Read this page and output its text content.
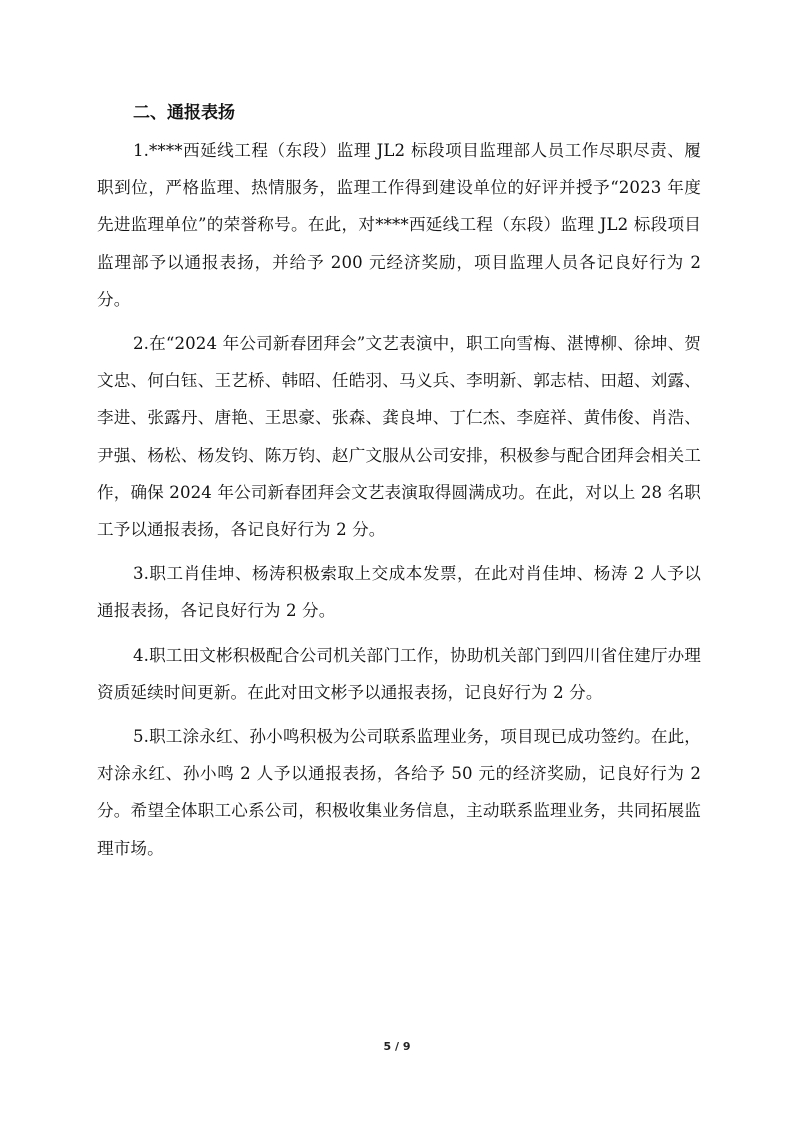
二、通报表扬

1.****西延线工程（东段）监理 JL2 标段项目监理部人员工作尽职尽责、履职到位，严格监理、热情服务，监理工作得到建设单位的好评并授予“2023 年度先进监理单位”的荣誉称号。在此，对****西延线工程（东段）监理 JL2 标段项目监理部予以通报表扬，并给予 200 元经济奖励，项目监理人员各记良好行为 2 分。

2.在“2024 年公司新春团拜会”文艺表演中，职工向雪梅、湛博柳、徐坤、贺文忠、何白钰、王艺桥、韩昭、任皓羽、马义兵、李明新、郭志桔、田超、刘露、李进、张露丹、唐艳、王思豪、张森、龚良坤、丁仁杰、李庭祥、黄伟俊、肖浩、尹强、杨松、杨发钧、陈万钧、赵广文服从公司安排，积极参与配合团拜会相关工作，确保 2024 年公司新春团拜会文艺表演取得圆满成功。在此，对以上 28 名职工予以通报表扬，各记良好行为 2 分。

3.职工肖佳坤、杨涛积极索取上交成本发票，在此对肖佳坤、杨涛 2 人予以通报表扬，各记良好行为 2 分。

4.职工田文彬积极配合公司机关部门工作，协助机关部门到四川省住建厅办理资质延续时间更新。在此对田文彬予以通报表扬，记良好行为 2 分。

5.职工涂永红、孙小鸣积极为公司联系监理业务，项目现已成功签约。在此，对涂永红、孙小鸣 2 人予以通报表扬，各给予 50 元的经济奖励，记良好行为 2 分。希望全体职工心系公司，积极收集业务信息，主动联系监理业务，共同拓展监理市场。

5 / 9
